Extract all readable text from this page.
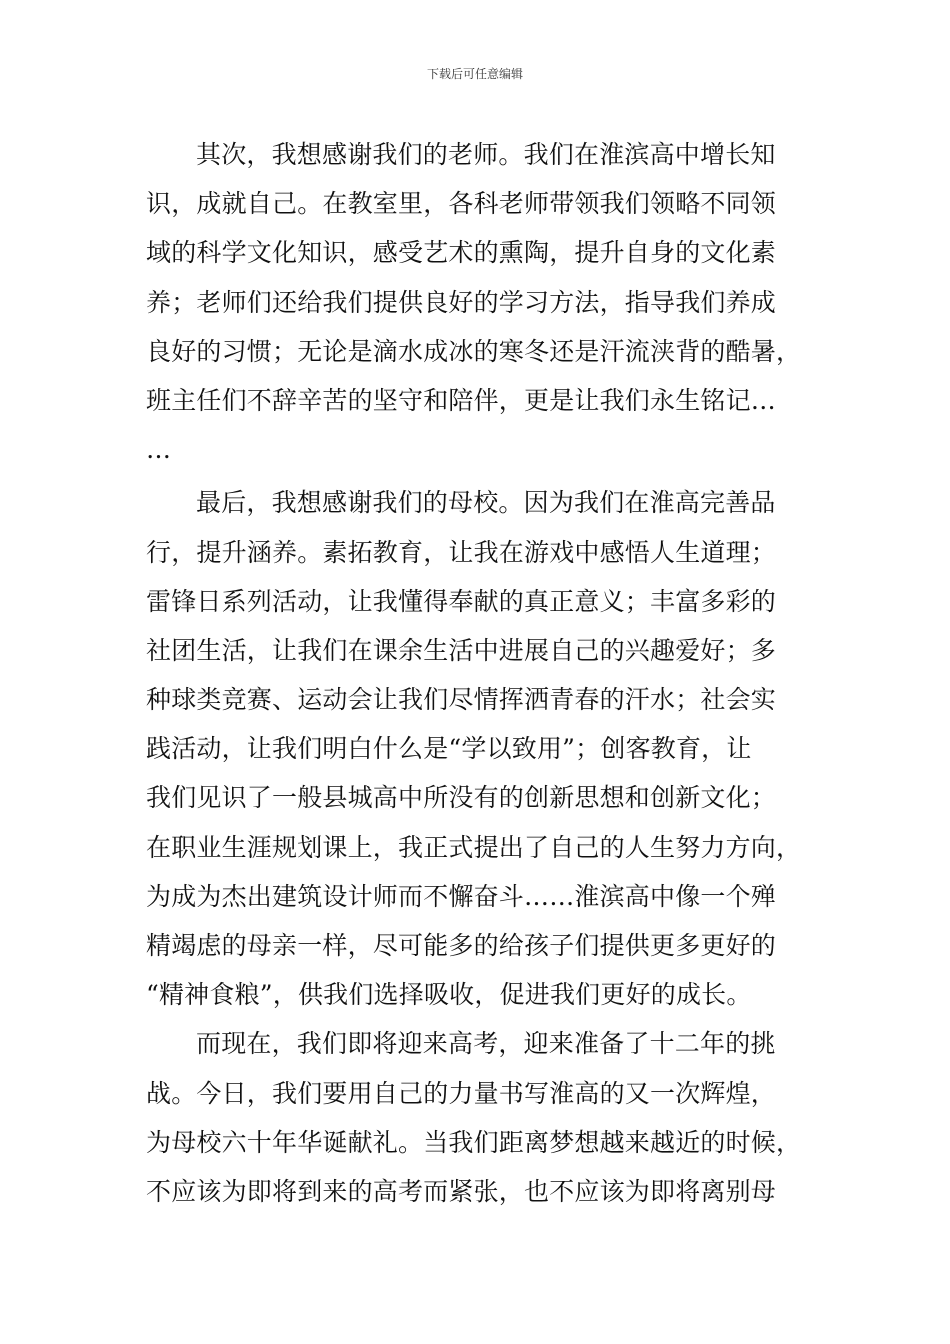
下载后可任意编辑
其次，我想感谢我们的老师。我们在淮滨高中增长知
识，成就自己。在教室里，各科老师带领我们领略不同领
域的科学文化知识，感受艺术的熏陶，提升自身的文化素
养；老师们还给我们提供良好的学习方法，指导我们养成
良好的习惯；无论是滴水成冰的寒冬还是汗流浃背的酷暑，
班主任们不辞辛苦的坚守和陪伴，更是让我们永生铭记…
…
最后，我想感谢我们的母校。因为我们在淮高完善品
行，提升涵养。素拓教育，让我在游戏中感悟人生道理；
雷锋日系列活动，让我懂得奉献的真正意义；丰富多彩的
社团生活，让我们在课余生活中进展自己的兴趣爱好；多
种球类竞赛、运动会让我们尽情挥洒青春的汗水；社会实
践活动，让我们明白什么是“学以致用”；创客教育，让
我们见识了一般县城高中所没有的创新思想和创新文化；
在职业生涯规划课上，我正式提出了自己的人生努力方向，
为成为杰出建筑设计师而不懈奋斗……淮滨高中像一个殚
精竭虑的母亲一样，尽可能多的给孩子们提供更多更好的
“精神食粮”，供我们选择吸收，促进我们更好的成长。
而现在，我们即将迎来高考，迎来准备了十二年的挑
战。今日，我们要用自己的力量书写淮高的又一次辉煌，
为母校六十年华诞献礼。当我们距离梦想越来越近的时候，
不应该为即将到来的高考而紧张，也不应该为即将离别母
